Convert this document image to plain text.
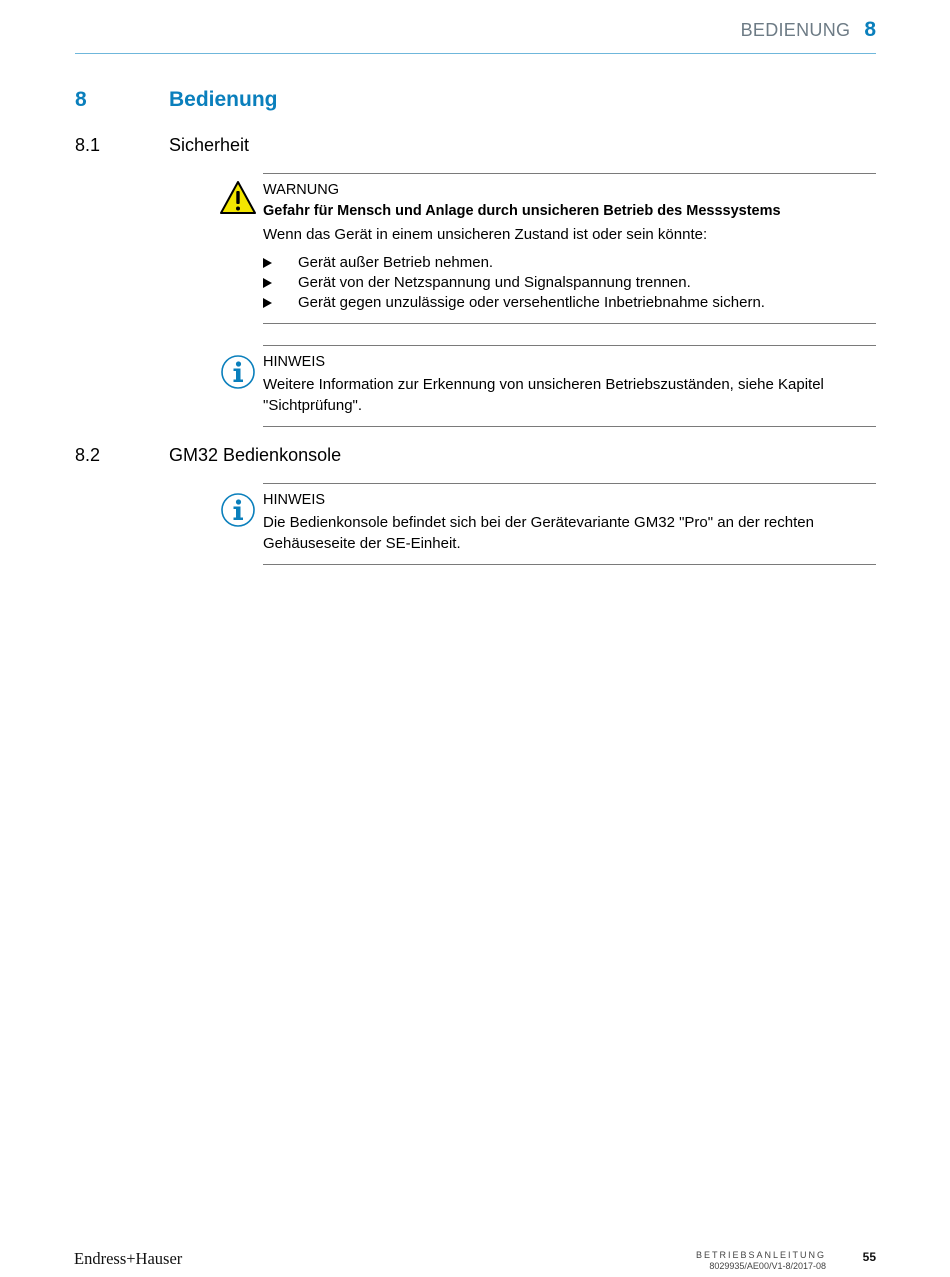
BEDIENUNG 8
8	Bedienung
8.1	Sicherheit
WARNUNG
Gefahr für Mensch und Anlage durch unsicheren Betrieb des Messsystems
Wenn das Gerät in einem unsicheren Zustand ist oder sein könnte:
Gerät außer Betrieb nehmen.
Gerät von der Netzspannung und Signalspannung trennen.
Gerät gegen unzulässige oder versehentliche Inbetriebnahme sichern.
HINWEIS
Weitere Information zur Erkennung von unsicheren Betriebszuständen, siehe Kapitel "Sichtprüfung".
8.2	GM32 Bedienkonsole
HINWEIS
Die Bedienkonsole befindet sich bei der Gerätevariante GM32 "Pro" an der rechten Gehäuseseite der SE-Einheit.
Endress+Hauser	BETRIEBSANLEITUNG
8029935/AE00/V1-8/2017-08
55
